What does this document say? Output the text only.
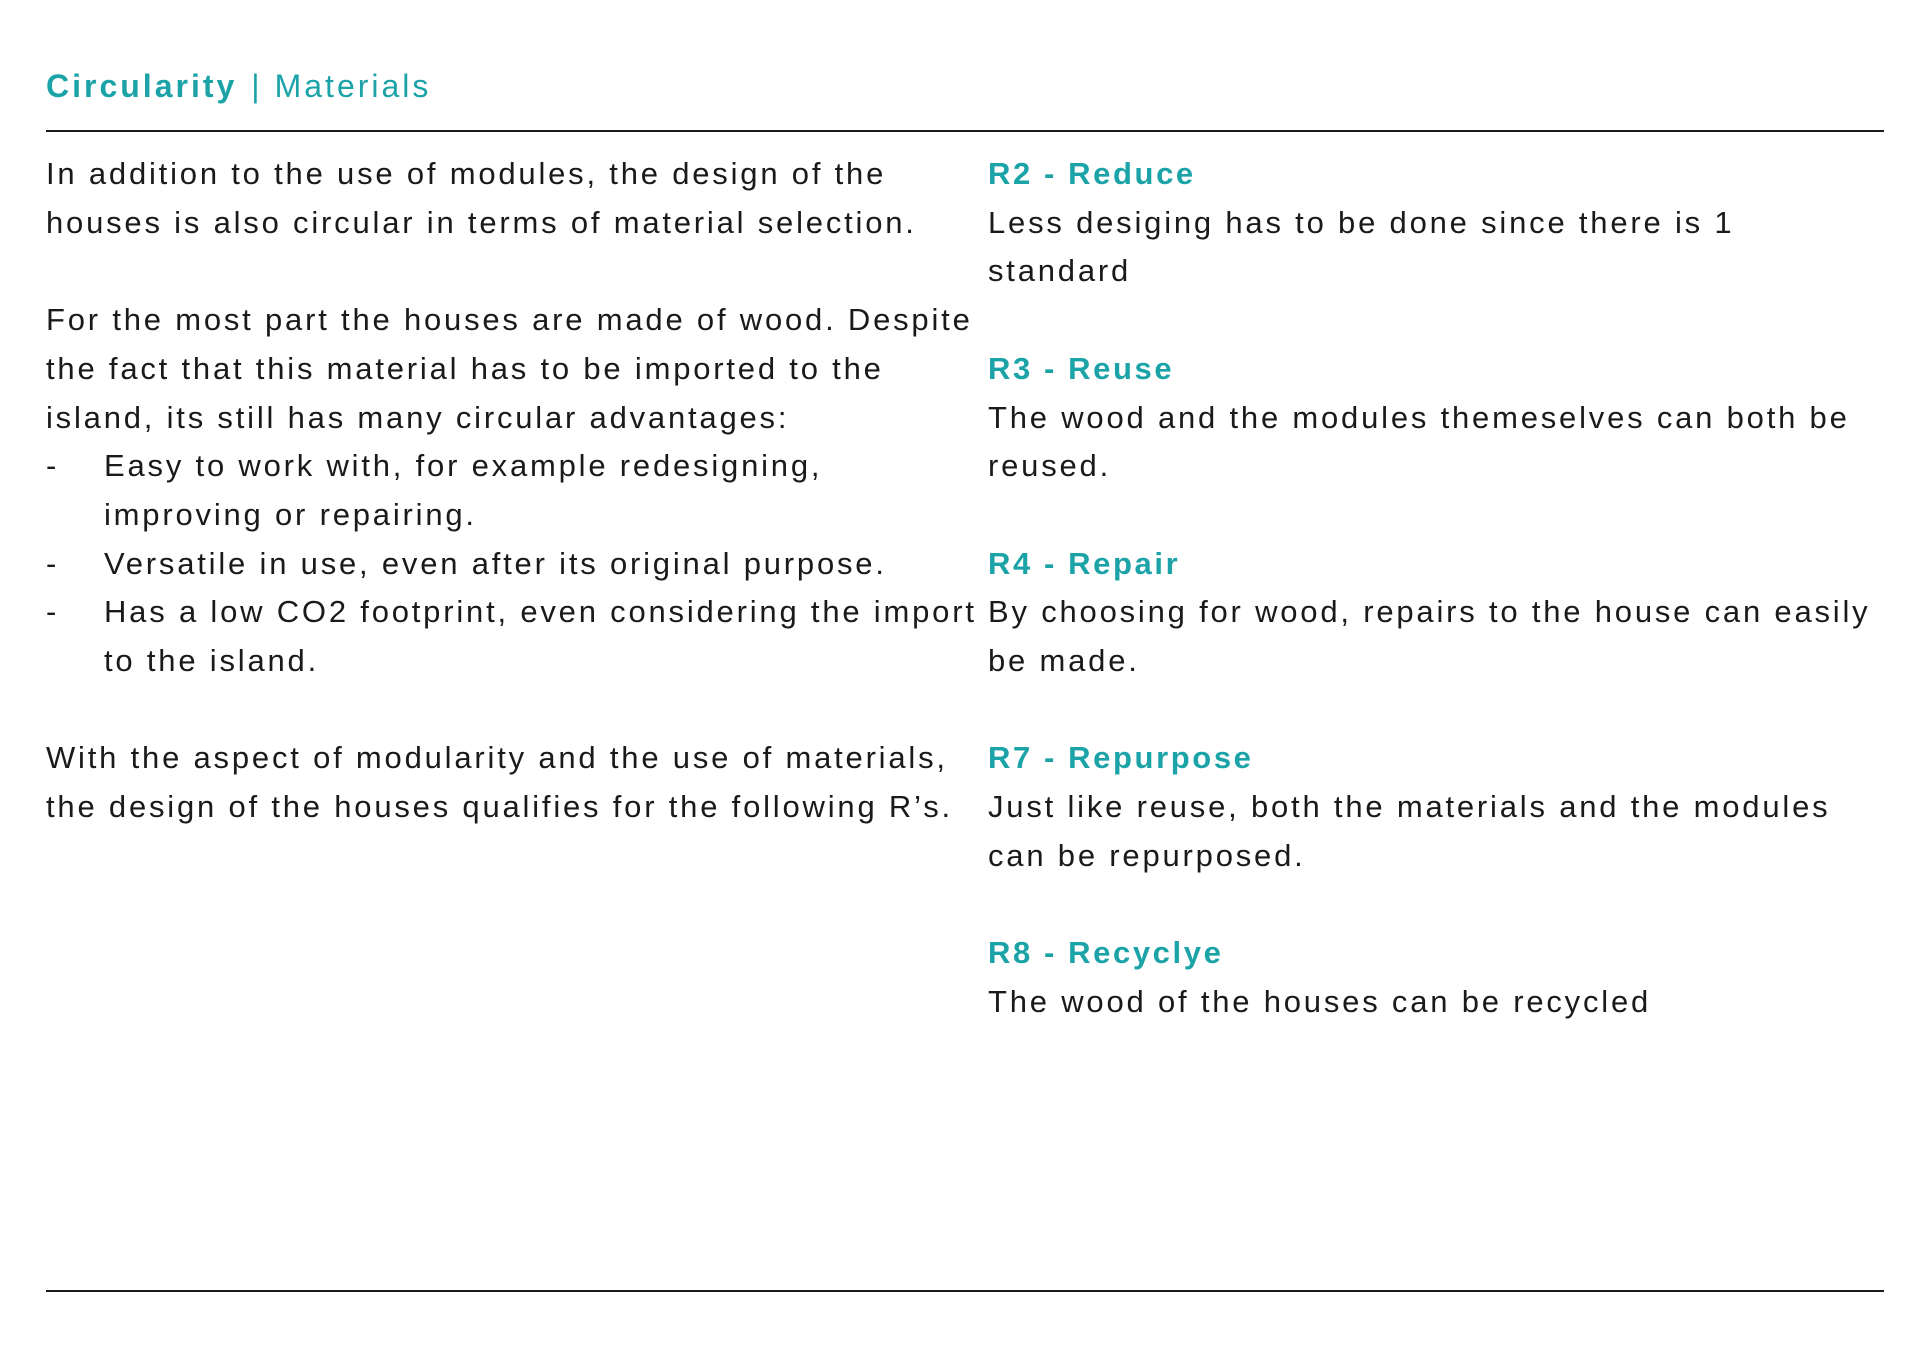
Circularity | Materials

In addition to the use of modules, the design of the houses is also circular in terms of material selection.

For the most part the houses are made of wood. Despite the fact that this material has to be imported to the island, its still has many circular advantages:

- Easy to work with, for example redesigning, improving or repairing.
- Versatile in use, even after its original purpose.
- Has a low CO2 footprint, even considering the import to the island.

With the aspect of modularity and the use of materials, the design of the houses qualifies for the following R’s.

R2 - Reduce

Less desiging has to be done since there is 1 standard

R3 - Reuse

The wood and the modules themeselves can both be reused.

R4 - Repair

By choosing for wood, repairs to the house can easily be made.

R7 - Repurpose

Just like reuse, both the materials and the modules can be repurposed.

R8 - Recyclye

The wood of the houses can be recycled
